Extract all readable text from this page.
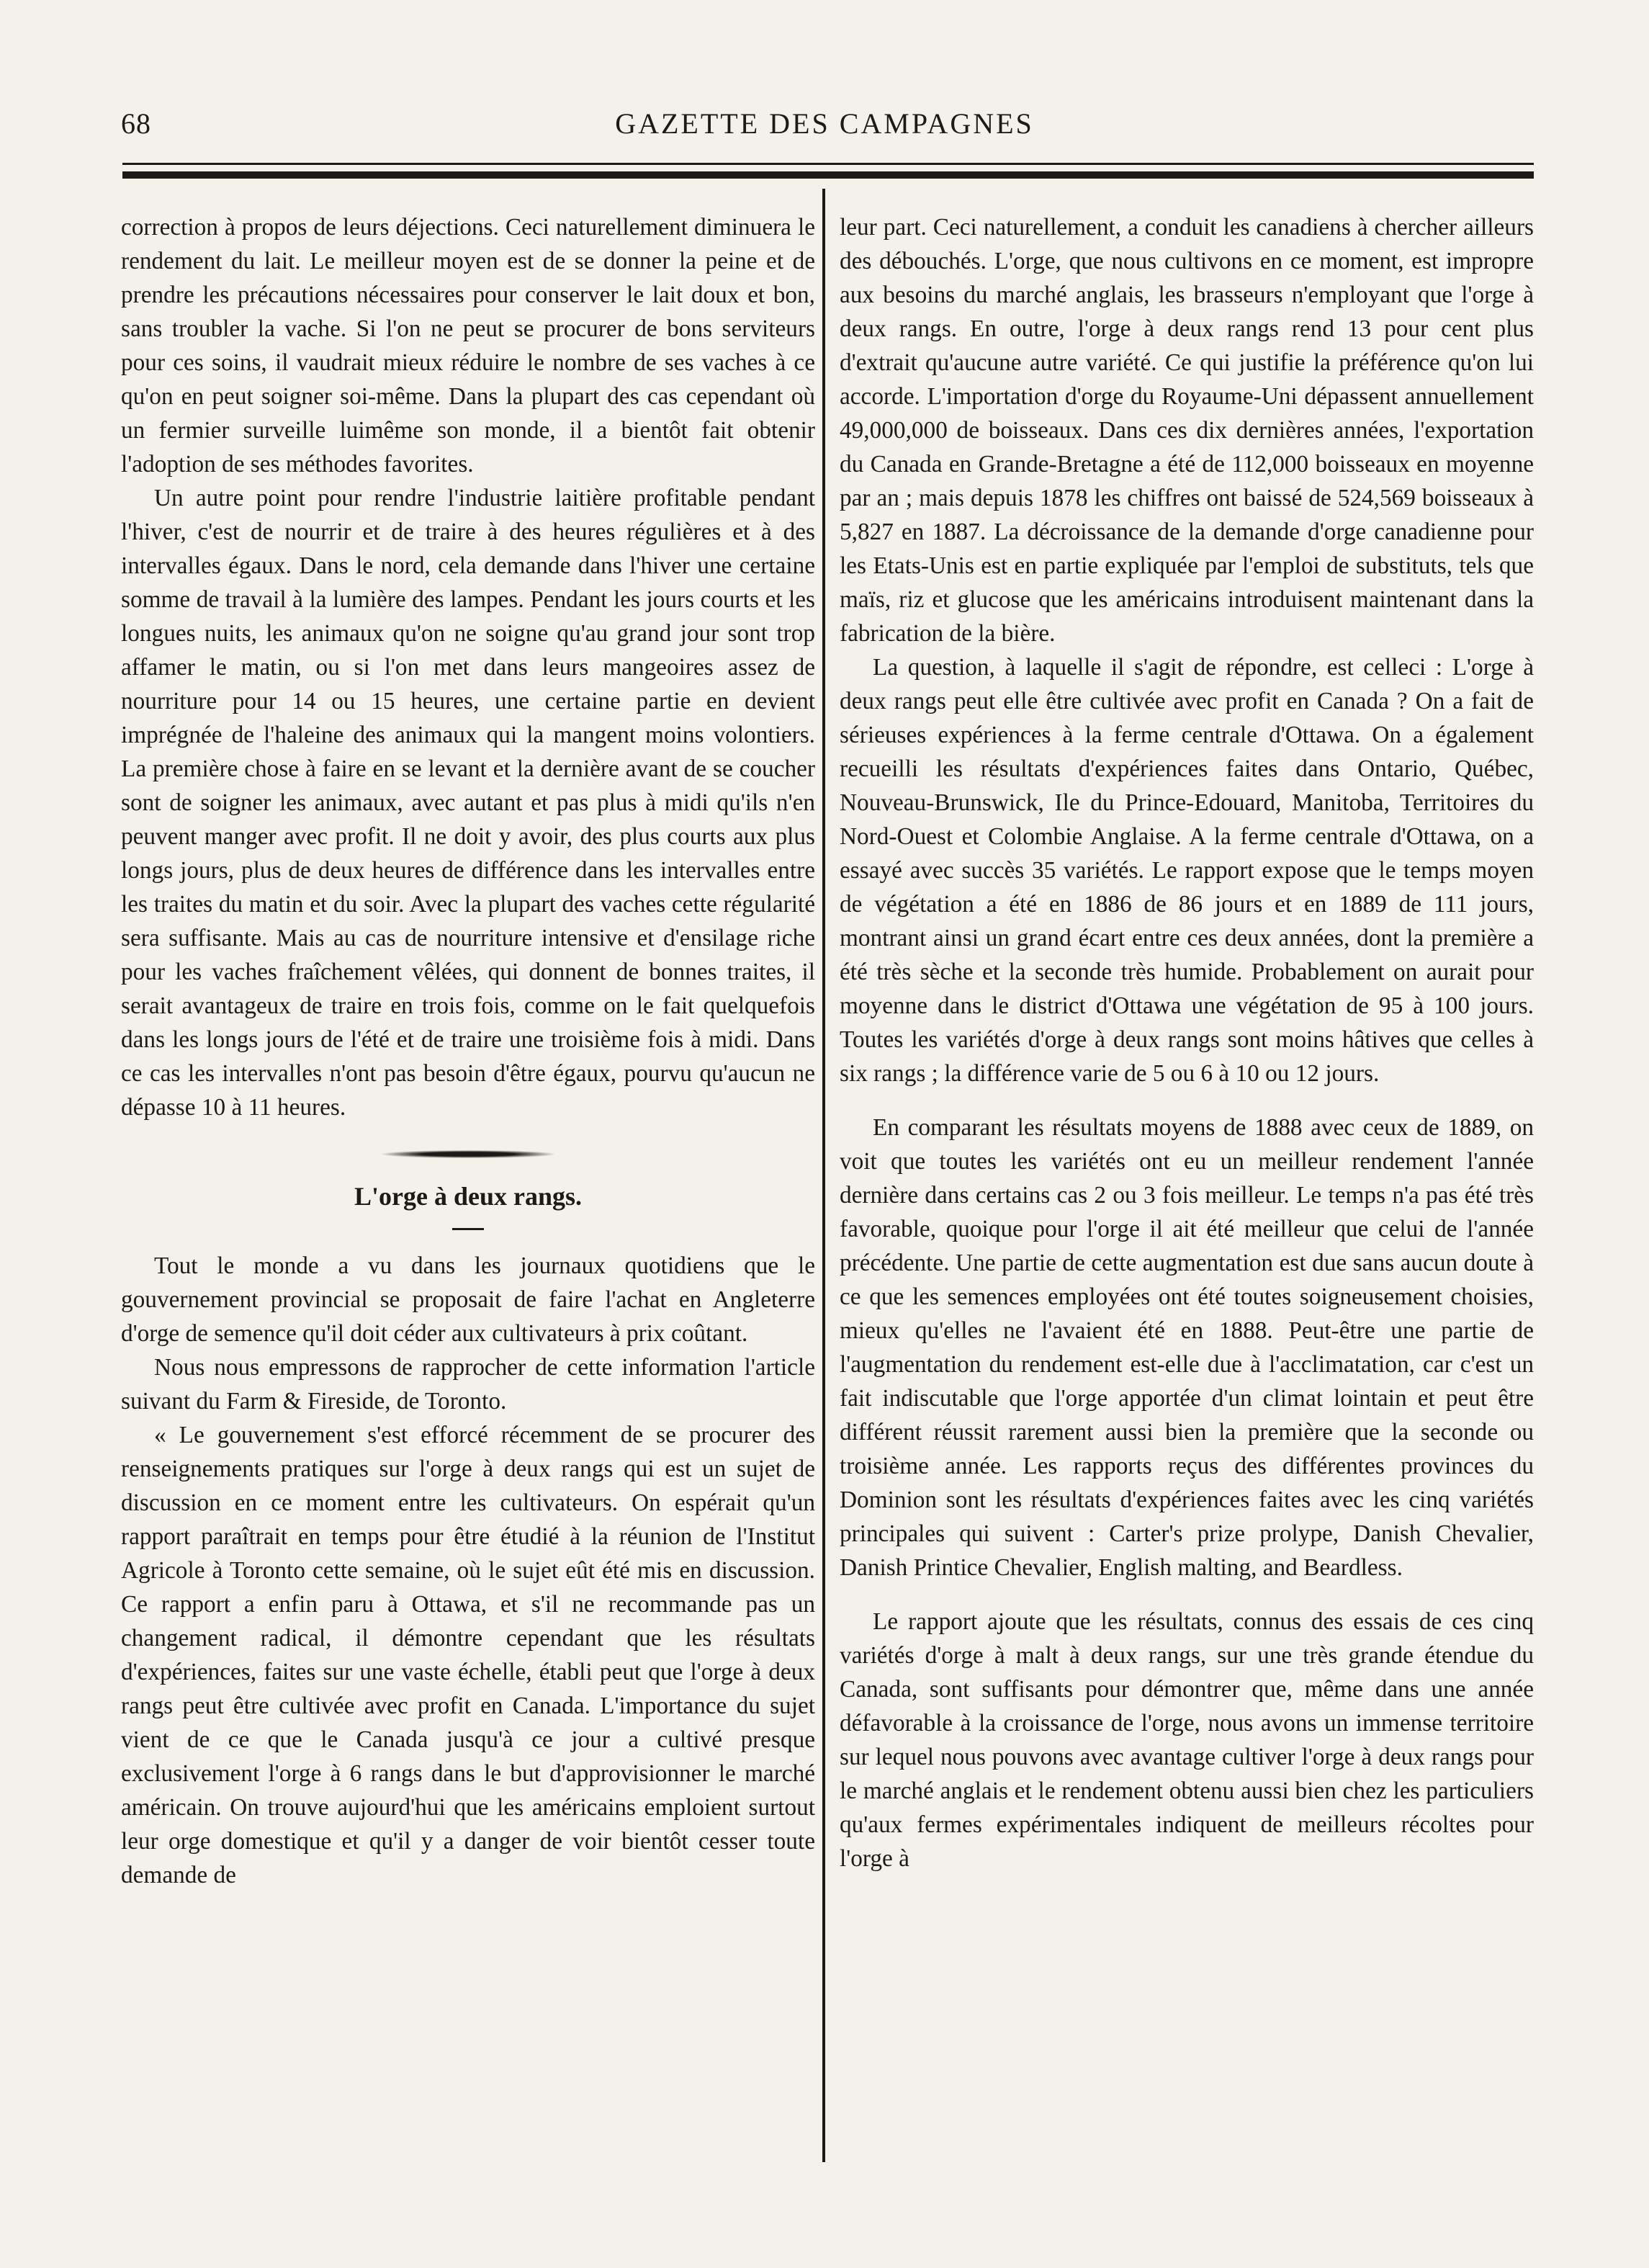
68	GAZETTE DES CAMPAGNES

correction à propos de leurs déjections. Ceci naturellement diminuera le rendement du lait. Le meilleur moyen est de se donner la peine et de prendre les précautions nécessaires pour conserver le lait doux et bon, sans troubler la vache. Si l'on ne peut se procurer de bons serviteurs pour ces soins, il vaudrait mieux réduire le nombre de ses vaches à ce qu'on en peut soigner soi-même. Dans la plupart des cas cependant où un fermier surveille luimême son monde, il a bientôt fait obtenir l'adoption de ses méthodes favorites.

Un autre point pour rendre l'industrie laitière profitable pendant l'hiver, c'est de nourrir et de traire à des heures régulières et à des intervalles égaux. Dans le nord, cela demande dans l'hiver une certaine somme de travail à la lumière des lampes. Pendant les jours courts et les longues nuits, les animaux qu'on ne soigne qu'au grand jour sont trop affamer le matin, ou si l'on met dans leurs mangeoires assez de nourriture pour 14 ou 15 heures, une certaine partie en devient imprégnée de l'haleine des animaux qui la mangent moins volontiers. La première chose à faire en se levant et la dernière avant de se coucher sont de soigner les animaux, avec autant et pas plus à midi qu'ils n'en peuvent manger avec profit. Il ne doit y avoir, des plus courts aux plus longs jours, plus de deux heures de différence dans les intervalles entre les traites du matin et du soir. Avec la plupart des vaches cette régularité sera suffisante. Mais au cas de nourriture intensive et d'ensilage riche pour les vaches fraîchement vêlées, qui donnent de bonnes traites, il serait avantageux de traire en trois fois, comme on le fait quelquefois dans les longs jours de l'été et de traire une troisième fois à midi. Dans ce cas les intervalles n'ont pas besoin d'être égaux, pourvu qu'aucun ne dépasse 10 à 11 heures.

L'orge à deux rangs.

Tout le monde a vu dans les journaux quotidiens que le gouvernement provincial se proposait de faire l'achat en Angleterre d'orge de semence qu'il doit céder aux cultivateurs à prix coûtant.

Nous nous empressons de rapprocher de cette information l'article suivant du Farm & Fireside, de Toronto.

« Le gouvernement s'est efforcé récemment de se procurer des renseignements pratiques sur l'orge à deux rangs qui est un sujet de discussion en ce moment entre les cultivateurs. On espérait qu'un rapport paraîtrait en temps pour être étudié à la réunion de l'Institut Agricole à Toronto cette semaine, où le sujet eût été mis en discussion. Ce rapport a enfin paru à Ottawa, et s'il ne recommande pas un changement radical, il démontre cependant que les résultats d'expériences, faites sur une vaste échelle, établi peut que l'orge à deux rangs peut être cultivée avec profit en Canada. L'importance du sujet vient de ce que le Canada jusqu'à ce jour a cultivé presque exclusivement l'orge à 6 rangs dans le but d'approvisionner le marché américain. On trouve aujourd'hui que les américains emploient surtout leur orge domestique et qu'il y a danger de voir bientôt cesser toute demande de

leur part. Ceci naturellement, a conduit les canadiens à chercher ailleurs des débouchés. L'orge, que nous cultivons en ce moment, est impropre aux besoins du marché anglais, les brasseurs n'employant que l'orge à deux rangs. En outre, l'orge à deux rangs rend 13 pour cent plus d'extrait qu'aucune autre variété. Ce qui justifie la préférence qu'on lui accorde. L'importation d'orge du Royaume-Uni dépassent annuellement 49,000,000 de boisseaux. Dans ces dix dernières années, l'exportation du Canada en Grande-Bretagne a été de 112,000 boisseaux en moyenne par an ; mais depuis 1878 les chiffres ont baissé de 524,569 boisseaux à 5,827 en 1887. La décroissance de la demande d'orge canadienne pour les Etats-Unis est en partie expliquée par l'emploi de substituts, tels que maïs, riz et glucose que les américains introduisent maintenant dans la fabrication de la bière.

La question, à laquelle il s'agit de répondre, est celleci : L'orge à deux rangs peut elle être cultivée avec profit en Canada ? On a fait de sérieuses expériences à la ferme centrale d'Ottawa. On a également recueilli les résultats d'expériences faites dans Ontario, Québec, Nouveau-Brunswick, Ile du Prince-Edouard, Manitoba, Territoires du Nord-Ouest et Colombie Anglaise. A la ferme centrale d'Ottawa, on a essayé avec succès 35 variétés. Le rapport expose que le temps moyen de végétation a été en 1886 de 86 jours et en 1889 de 111 jours, montrant ainsi un grand écart entre ces deux années, dont la première a été très sèche et la seconde très humide. Probablement on aurait pour moyenne dans le district d'Ottawa une végétation de 95 à 100 jours. Toutes les variétés d'orge à deux rangs sont moins hâtives que celles à six rangs ; la différence varie de 5 ou 6 à 10 ou 12 jours.

En comparant les résultats moyens de 1888 avec ceux de 1889, on voit que toutes les variétés ont eu un meilleur rendement l'année dernière dans certains cas 2 ou 3 fois meilleur. Le temps n'a pas été très favorable, quoique pour l'orge il ait été meilleur que celui de l'année précédente. Une partie de cette augmentation est due sans aucun doute à ce que les semences employées ont été toutes soigneusement choisies, mieux qu'elles ne l'avaient été en 1888. Peut-être une partie de l'augmentation du rendement est-elle due à l'acclimatation, car c'est un fait indiscutable que l'orge apportée d'un climat lointain et peut être différent réussit rarement aussi bien la première que la seconde ou troisième année. Les rapports reçus des différentes provinces du Dominion sont les résultats d'expériences faites avec les cinq variétés principales qui suivent : Carter's prize prolype, Danish Chevalier, Danish Printice Chevalier, English malting, and Beardless.

Le rapport ajoute que les résultats, connus des essais de ces cinq variétés d'orge à malt à deux rangs, sur une très grande étendue du Canada, sont suffisants pour démontrer que, même dans une année défavorable à la croissance de l'orge, nous avons un immense territoire sur lequel nous pouvons avec avantage cultiver l'orge à deux rangs pour le marché anglais et le rendement obtenu aussi bien chez les particuliers qu'aux fermes expérimentales indiquent de meilleurs récoltes pour l'orge à
